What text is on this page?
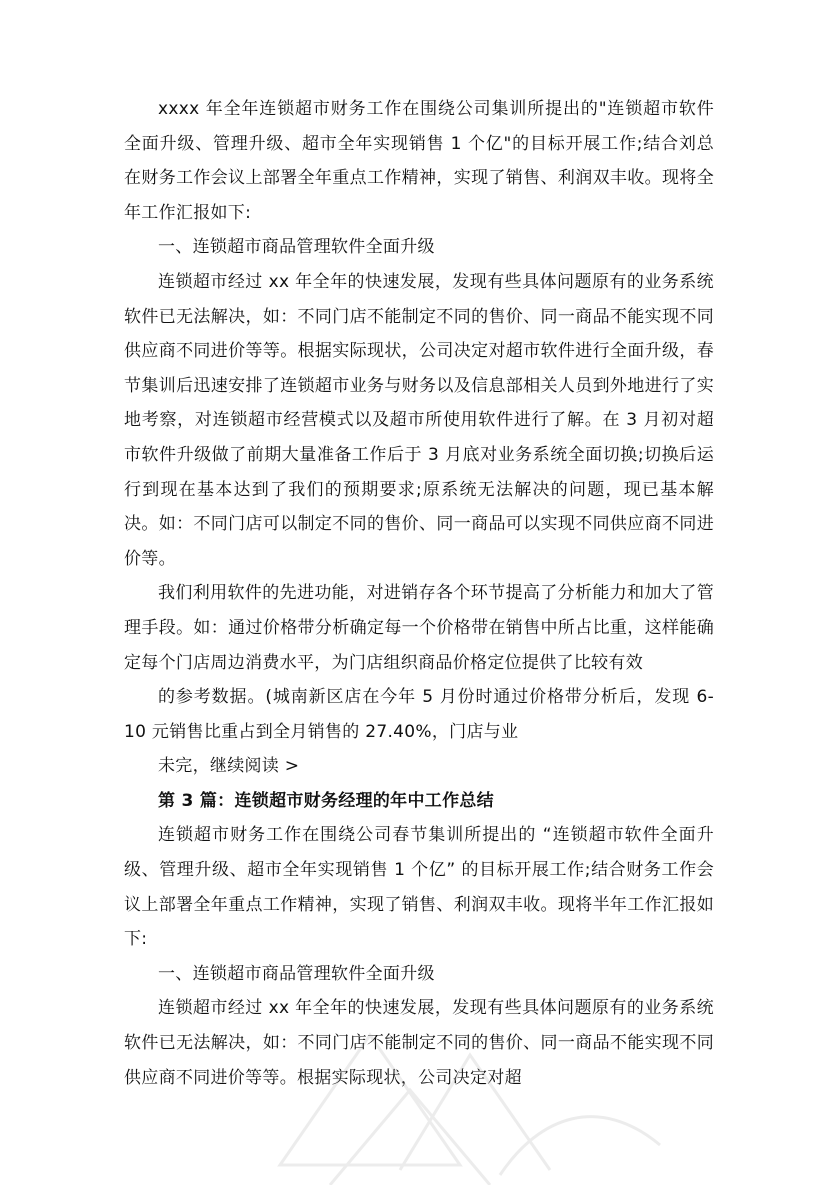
xxxx 年全年连锁超市财务工作在围绕公司集训所提出的"连锁超市软件全面升级、管理升级、超市全年实现销售 1 个亿"的目标开展工作;结合刘总在财务工作会议上部署全年重点工作精神，实现了销售、利润双丰收。现将全年工作汇报如下:

一、连锁超市商品管理软件全面升级

连锁超市经过 xx 年全年的快速发展，发现有些具体问题原有的业务系统软件已无法解决，如：不同门店不能制定不同的售价、同一商品不能实现不同供应商不同进价等等。根据实际现状，公司决定对超市软件进行全面升级，春节集训后迅速安排了连锁超市业务与财务以及信息部相关人员到外地进行了实地考察，对连锁超市经营模式以及超市所使用软件进行了解。在 3 月初对超市软件升级做了前期大量准备工作后于 3 月底对业务系统全面切换;切换后运行到现在基本达到了我们的预期要求;原系统无法解决的问题，现已基本解决。如：不同门店可以制定不同的售价、同一商品可以实现不同供应商不同进价等。

我们利用软件的先进功能，对进销存各个环节提高了分析能力和加大了管理手段。如：通过价格带分析确定每一个价格带在销售中所占比重，这样能确定每个门店周边消费水平，为门店组织商品价格定位提供了比较有效

的参考数据。(城南新区店在今年 5 月份时通过价格带分析后，发现 6-10 元销售比重占到全月销售的 27.40%，门店与业

未完，继续阅读 >

第 3 篇：连锁超市财务经理的年中工作总结

连锁超市财务工作在围绕公司春节集训所提出的 “连锁超市软件全面升级、管理升级、超市全年实现销售 1 个亿” 的目标开展工作;结合财务工作会议上部署全年重点工作精神，实现了销售、利润双丰收。现将半年工作汇报如下:

一、连锁超市商品管理软件全面升级

连锁超市经过 xx 年全年的快速发展，发现有些具体问题原有的业务系统软件已无法解决，如：不同门店不能制定不同的售价、同一商品不能实现不同供应商不同进价等等。根据实际现状，公司决定对超
